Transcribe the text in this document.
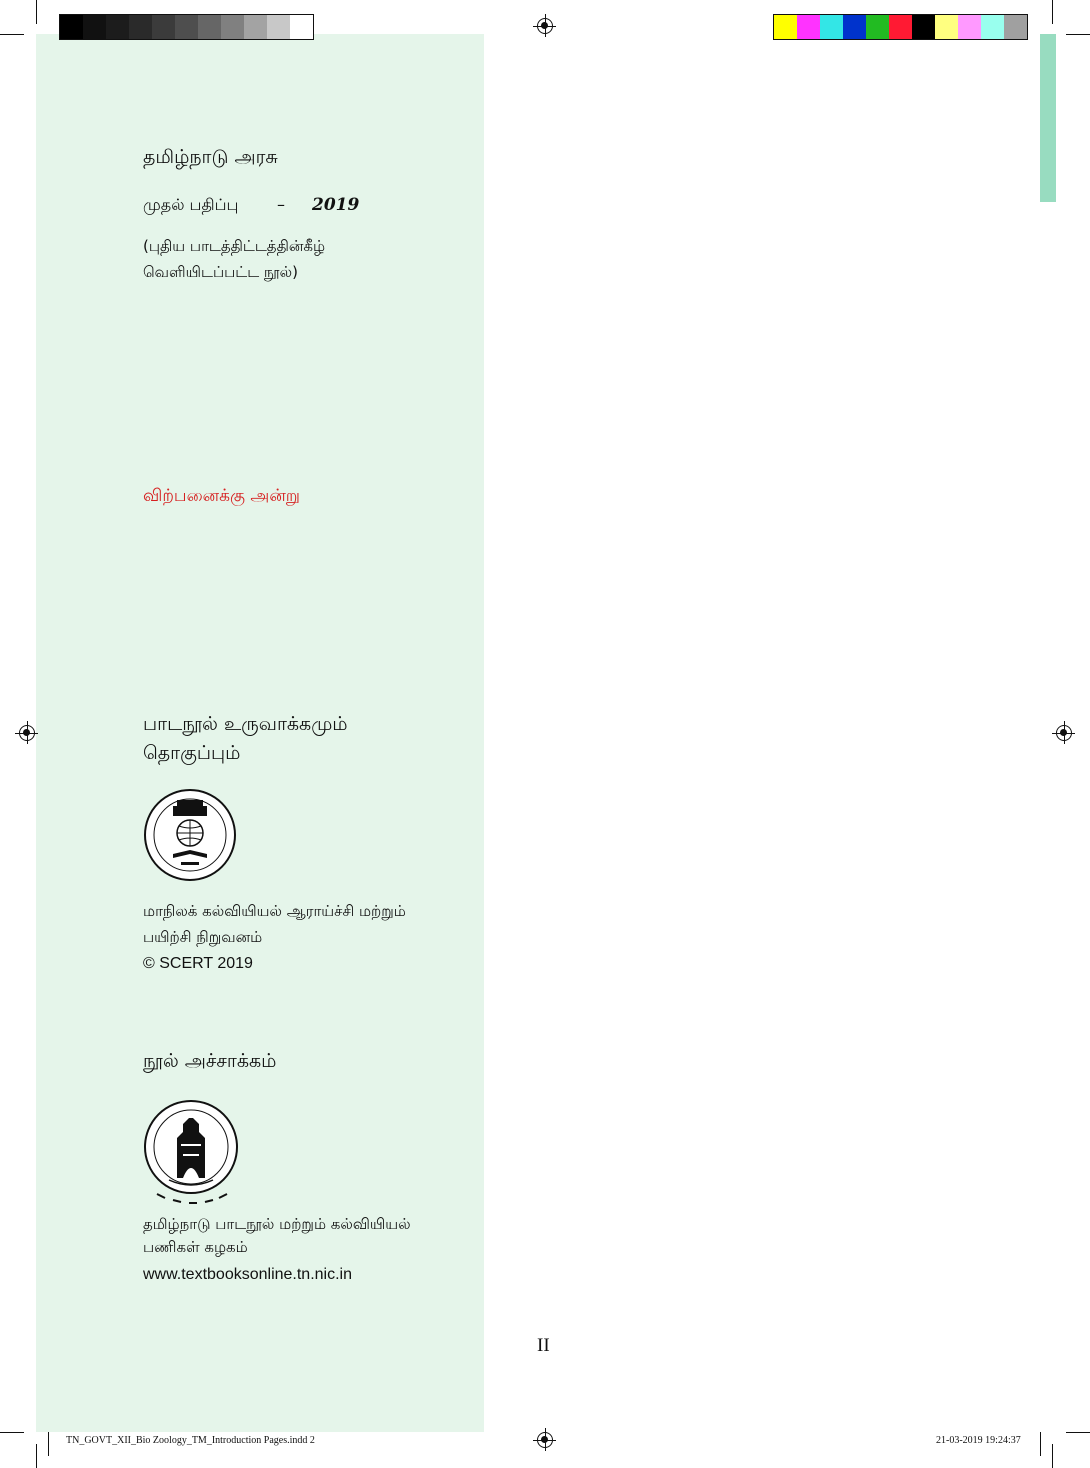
தமிழ்நாடு அரசு
முதல் பதிப்பு – 2019
(புதிய பாடத்திட்டத்தின்கீழ்
வெளியிடப்பட்ட நூல்)
விற்பனைக்கு அன்று
பாடநூல் உருவாக்கமும்
தொகுப்பும்
மாநிலக் கல்வியியல் ஆராய்ச்சி மற்றும்
பயிற்சி நிறுவனம்
© SCERT 2019
நூல் அச்சாக்கம்
தமிழ்நாடு பாடநூல் மற்றும் கல்வியியல்
பணிகள் கழகம்
www.textbooksonline.tn.nic.in
II
TN_GOVT_XII_Bio Zoology_TM_Introduction Pages.indd 2	21-03-2019 19:24:37
